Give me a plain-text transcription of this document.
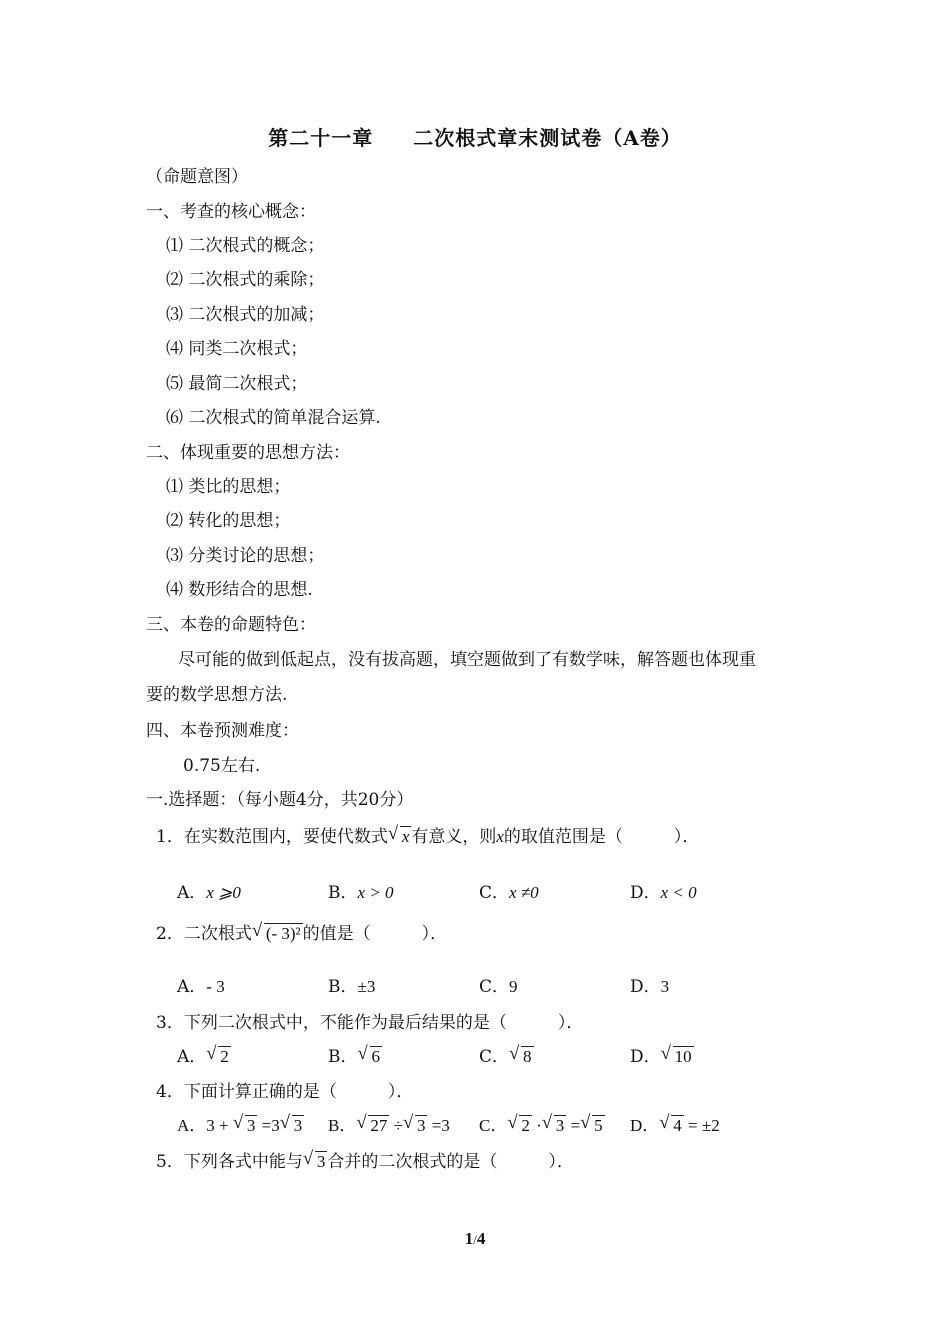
第二十一章 二次根式章末测试卷（A卷）
（命题意图）
一、考查的核心概念：
⑴ 二次根式的概念；
⑵ 二次根式的乘除；
⑶ 二次根式的加减；
⑷ 同类二次根式；
⑸ 最简二次根式；
⑹ 二次根式的简单混合运算.
二、体现重要的思想方法：
⑴ 类比的思想；
⑵ 转化的思想；
⑶ 分类讨论的思想；
⑷ 数形结合的思想.
三、本卷的命题特色：
尽可能的做到低起点，没有拔高题，填空题做到了有数学味，解答题也体现重
要的数学思想方法.
四、本卷预测难度：
0.75左右.
一.选择题：（每小题4分，共20分）
1．在实数范围内，要使代数式 √ x 有意义，则x的取值范围是（　　　）．
A．x ⩾0	B．x > 0	C．x ≠0	D．x < 0
2．二次根式 √ (- 3)² 的值是（　　　）．
A．- 3	B．±3	C．9	D．3
3．下列二次根式中，不能作为最后结果的是（　　　）．
A． √ 2	B． √ 6	C． √ 8	D． √ 10
4．下面计算正确的是（　　　）．
A．3 + √ 3 =3 √ 3 B． √ 27 ÷ √ 3 =3 C． √ 2 · √ 3 = √ 5 D． √ 4 = ±2
5．下列各式中能与 √ 3 合并的二次根式的是（　　　）．
1/4
